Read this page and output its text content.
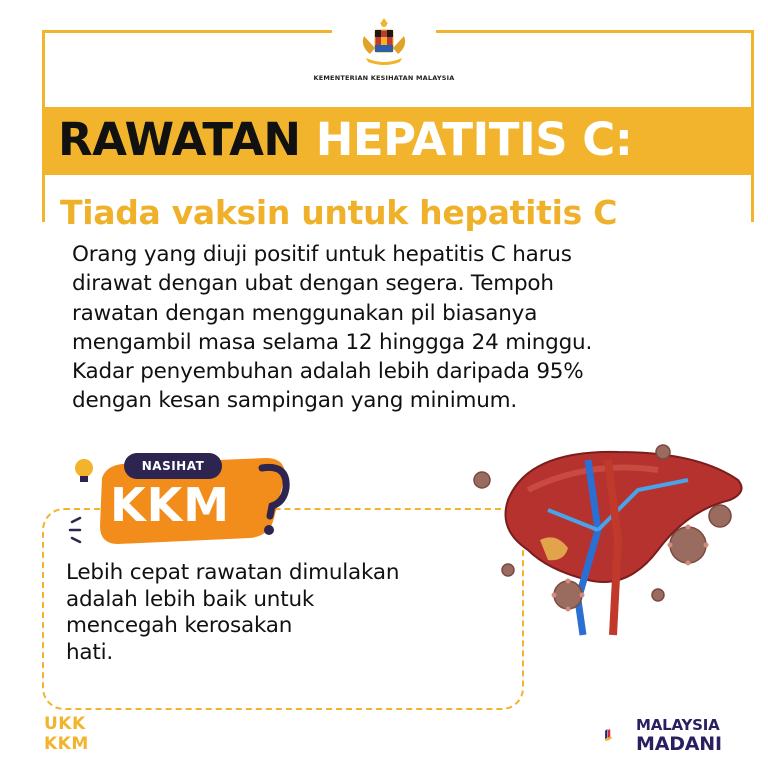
KEMENTERIAN KESIHATAN MALAYSIA
RAWATAN HEPATITIS C:
Tiada vaksin untuk hepatitis C
Orang yang diuji positif untuk hepatitis C harus
dirawat dengan ubat dengan segera. Tempoh
rawatan dengan menggunakan pil biasanya
mengambil masa selama 12 hinggga 24 minggu.
Kadar penyembuhan adalah lebih daripada 95%
dengan kesan sampingan yang minimum.
NASIHAT
KKM
Lebih cepat rawatan dimulakan
adalah lebih baik untuk
mencegah kerosakan
hati.
UKK
KKM
MALAYSIA
MADANI
